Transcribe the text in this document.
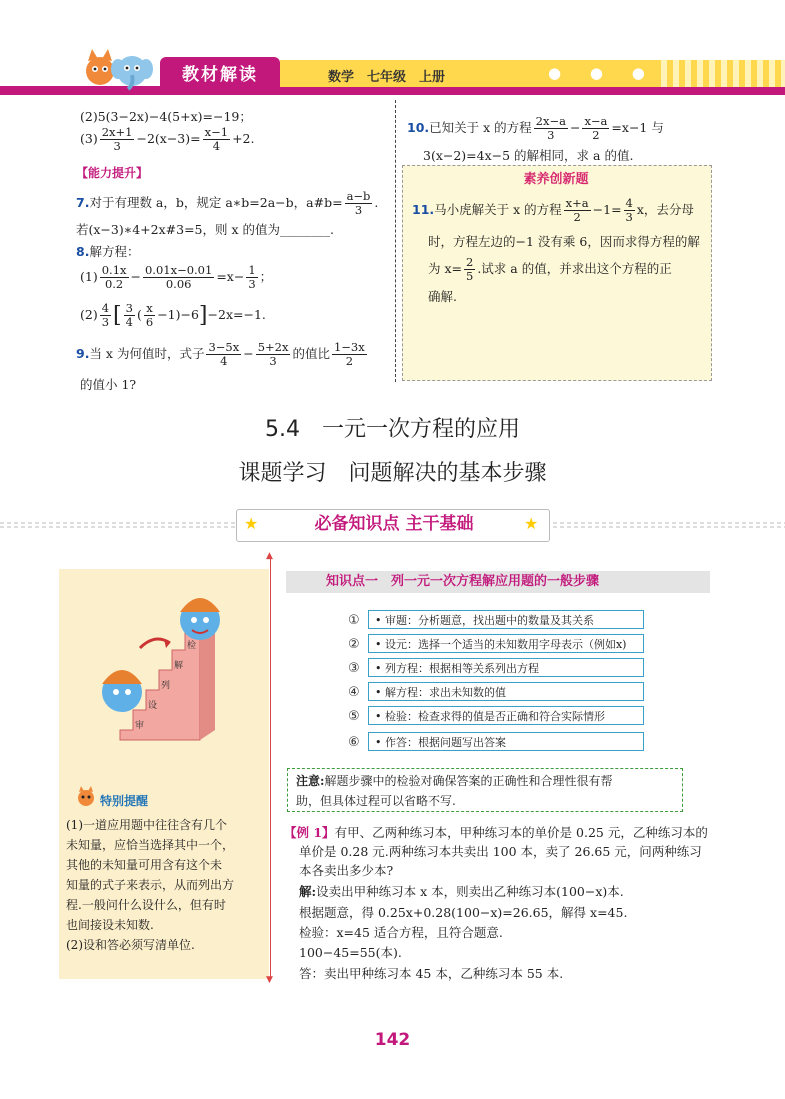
教材解读	数学　七年级　上册	● ● ●
(2)5(3−2x)−4(5+x)=−19；
$(3) \frac{2x+1}{3} -2(x-3)= \frac{x-1}{4} +2$.
【能力提升】
7.对于有理数 a，b，规定 a∗b=2a−b，a#b= $\frac{a-b}{3}$ .
若(x−3)∗4+2x#3=5，则 x 的值为________.
8.解方程：
$(1) \frac{0.1x}{0.2} - \frac{0.01x-0.01}{0.06} =x- \frac{1}{3}$ ；
$(2) \frac{4}{3}$ [ $\frac{3}{4}$ ( $\frac{x}{6} -1)-6]-2x=-1$.
9.当 x 为何值时，式子 $\frac{3-5x}{4} - \frac{5+2x}{3}$ 的值比 $\frac{1-3x}{2}$
的值小 1?
10.已知关于 x 的方程 $\frac{2x-a}{3} - \frac{x-a}{2} =x-1$ 与
3(x−2)=4x−5 的解相同，求 a 的值.
素养创新题
11.马小虎解关于 x 的方程 $\frac{x+a}{2} -1= \frac{4}{3}$ x，去分母
时，方程左边的−1 没有乘 6，因而求得方程的解
为 $x= \frac{2}{5}$ .试求 a 的值，并求出这个方程的正
确解.
5.4　一元一次方程的应用
课题学习　问题解决的基本步骤
★	★
必备知识点 主干基础
▲
▼
检
解
列
设
审
特别提醒
(1)一道应用题中往往含有几个
未知量，应恰当选择其中一个，
其他的未知量可用含有这个未
知量的式子来表示，从而列出方
程.一般问什么设什么，但有时
也间接设未知数.
(2)设和答必须写清单位.
知识点一　列一元一次方程解应用题的一般步骤
①	• 审题：分析题意，找出题中的数量及其关系
②	• 设元：选择一个适当的未知数用字母表示（例如x)
③	• 列方程：根据相等关系列出方程
④	• 解方程：求出未知数的值
⑤	• 检验：检查求得的值是否正确和符合实际情形
⑥	• 作答：根据问题写出答案
注意:解题步骤中的检验对确保答案的正确性和合理性很有帮
助，但具体过程可以省略不写.
【例 1】有甲、乙两种练习本，甲种练习本的单价是 0.25 元，乙种练习本的
单价是 0.28 元.两种练习本共卖出 100 本，卖了 26.65 元，问两种练习
本各卖出多少本?
解:设卖出甲种练习本 x 本，则卖出乙种练习本(100−x)本.
根据题意，得 0.25x+0.28(100−x)=26.65，解得 x=45.
检验：x=45 适合方程，且符合题意.
100−45=55(本).
答：卖出甲种练习本 45 本，乙种练习本 55 本.
142
